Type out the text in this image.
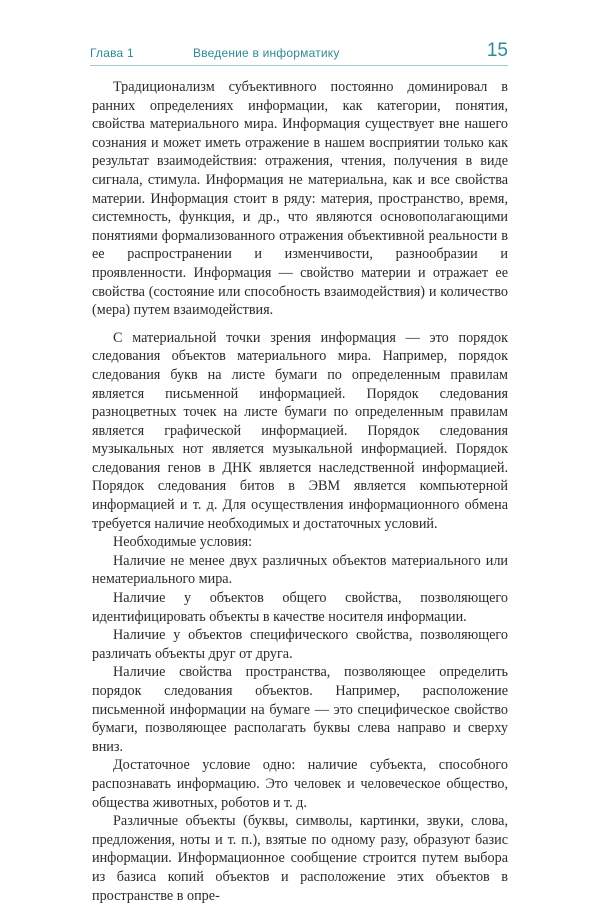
Глава 1	Введение в информатику	15

Традиционализм субъективного постоянно доминировал в ранних определениях информации, как категории, понятия, свойства материального мира. Информация существует вне нашего сознания и может иметь отражение в нашем восприятии только как результат взаимодействия: отражения, чтения, получения в виде сигнала, стимула. Информация не материальна, как и все свойства материи. Информация стоит в ряду: материя, пространство, время, системность, функция, и др., что являются основополагающими понятиями формализованного отражения объективной реальности в ее распространении и изменчивости, разнообразии и проявленности. Информация — свойство материи и отражает ее свойства (состояние или способность взаимодействия) и количество (мера) путем взаимодействия.

С материальной точки зрения информация — это порядок следования объектов материального мира. Например, порядок следования букв на листе бумаги по определенным правилам является письменной информацией. Порядок следования разноцветных точек на листе бумаги по определенным правилам является графической информацией. Порядок следования музыкальных нот является музыкальной информацией. Порядок следования генов в ДНК является наследственной информацией. Порядок следования битов в ЭВМ является компьютерной информацией и т. д. Для осуществления информационного обмена требуется наличие необходимых и достаточных условий.

Необходимые условия:

Наличие не менее двух различных объектов материального или нематериального мира.

Наличие у объектов общего свойства, позволяющего идентифицировать объекты в качестве носителя информации.

Наличие у объектов специфического свойства, позволяющего различать объекты друг от друга.

Наличие свойства пространства, позволяющее определить порядок следования объектов. Например, расположение письменной информации на бумаге — это специфическое свойство бумаги, позволяющее располагать буквы слева направо и сверху вниз.

Достаточное условие одно: наличие субъекта, способного распознавать информацию. Это человек и человеческое общество, общества животных, роботов и т. д.

Различные объекты (буквы, символы, картинки, звуки, слова, предложения, ноты и т. п.), взятые по одному разу, образуют базис информации. Информационное сообщение строится путем выбора из базиса копий объектов и расположение этих объектов в пространстве в опре-
